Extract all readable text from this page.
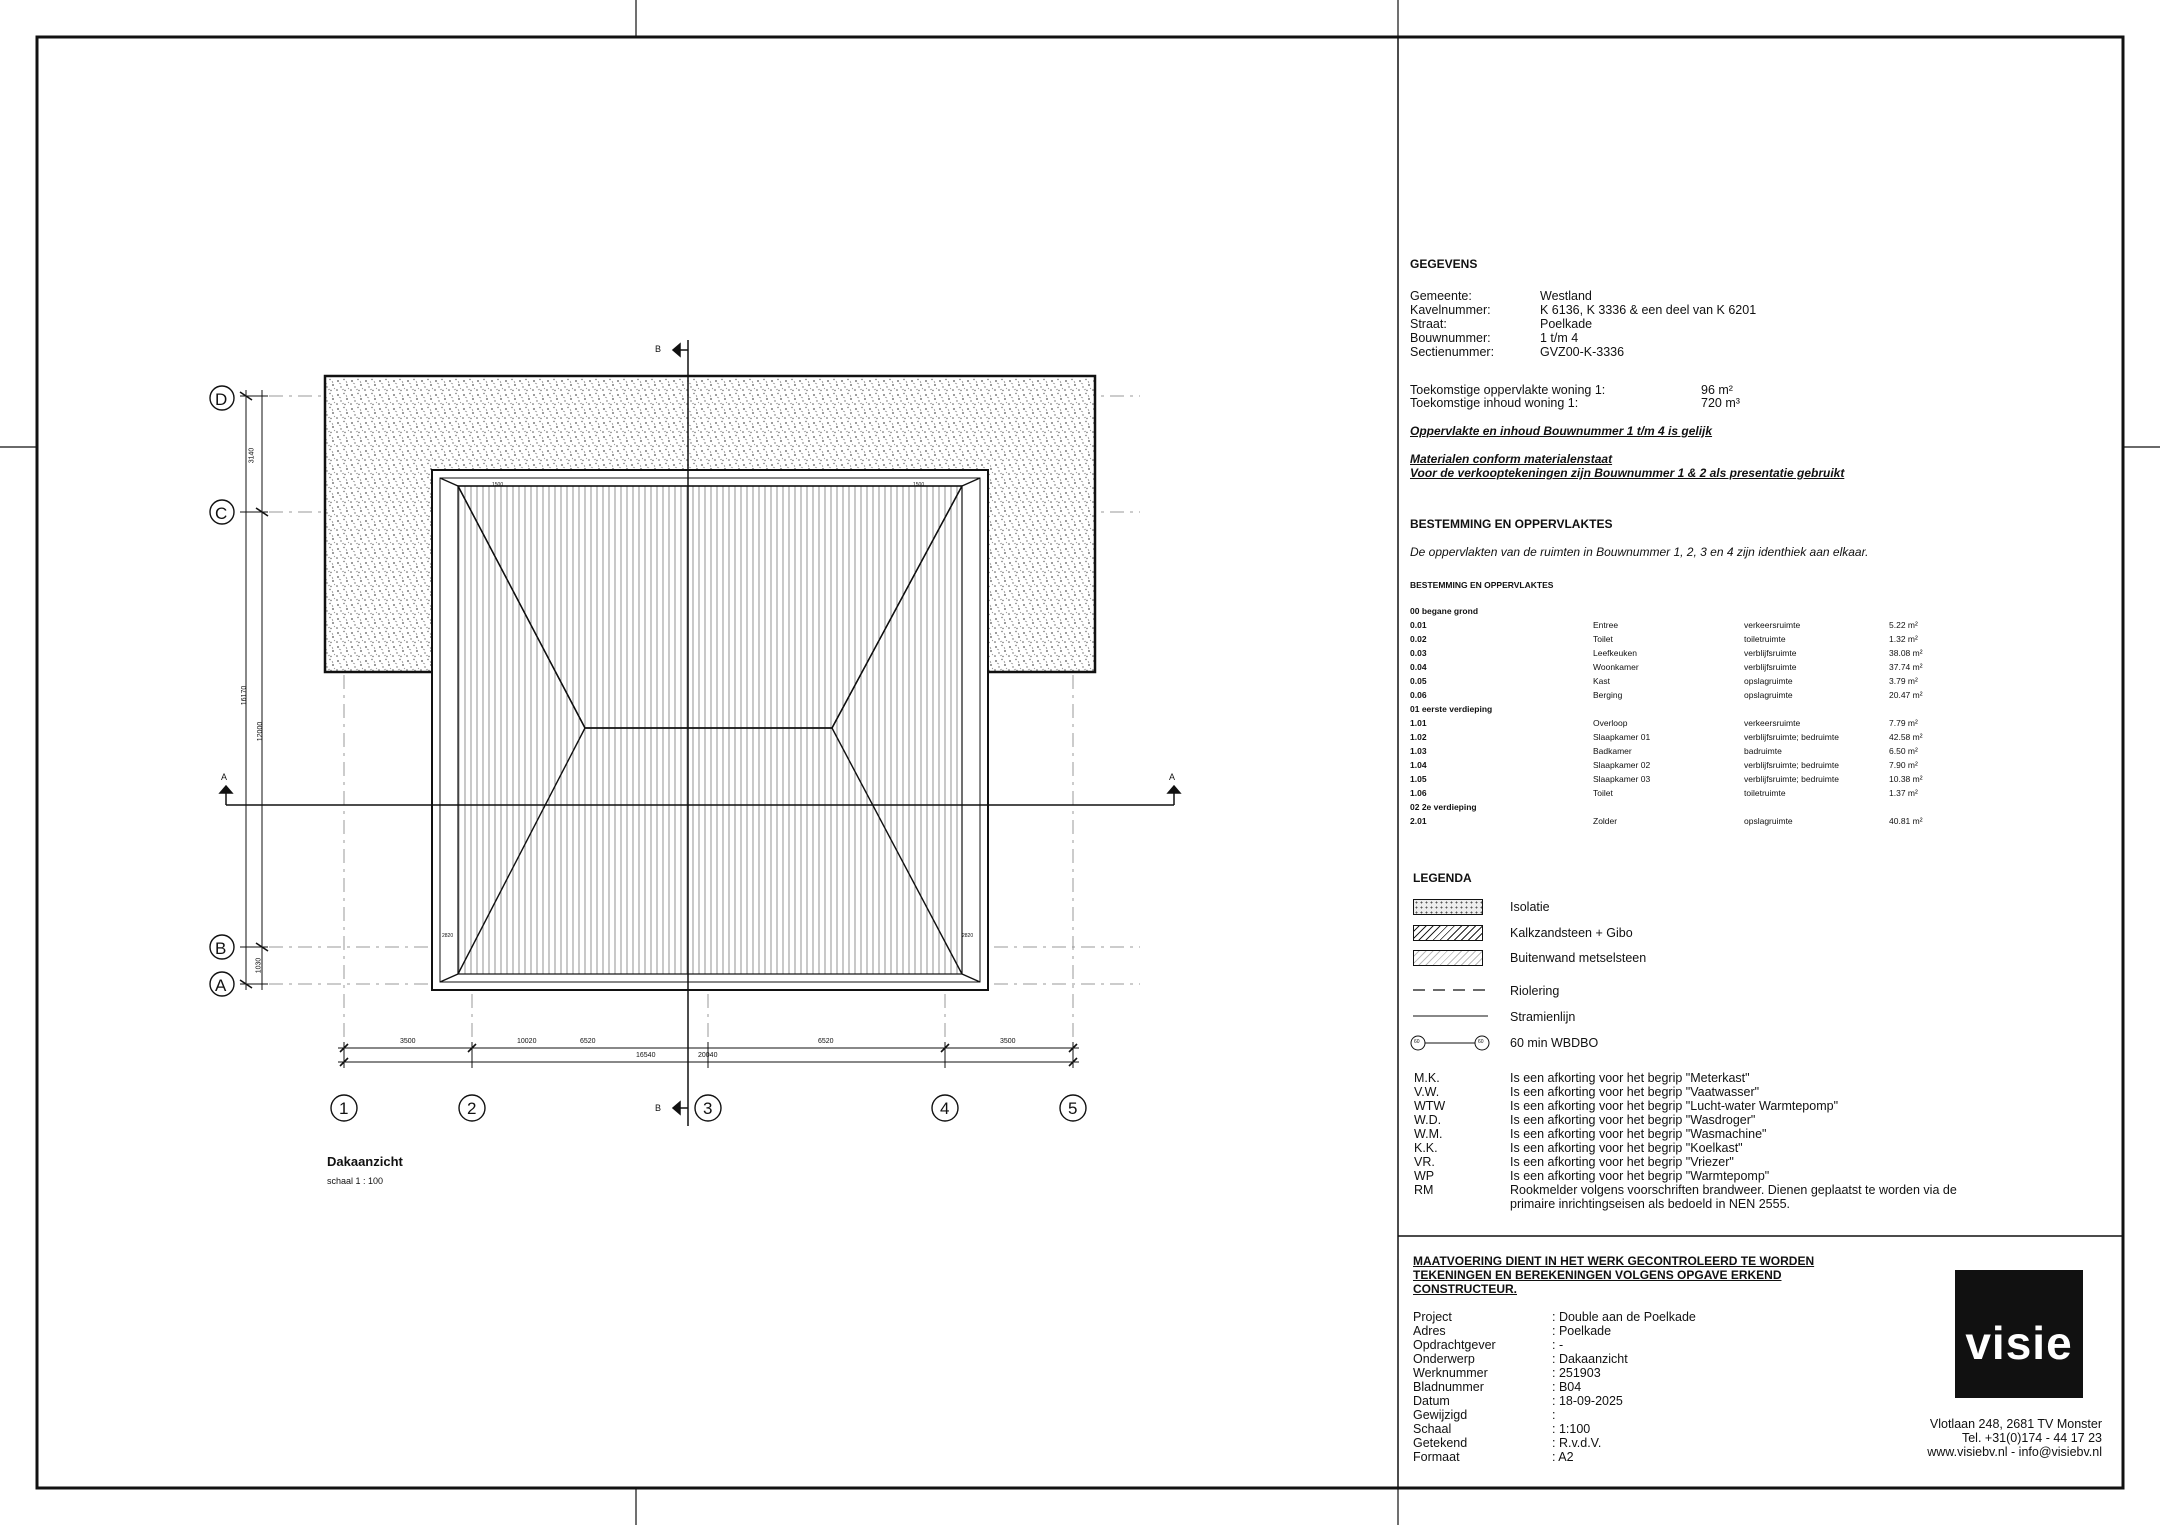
D
C
B
A
1	2	3	4	5
B
B
A	A
3500	10020	6520	6520	3500
16540	20040
3140
16170
12000
1030
1500	1500
2820	2820
Dakaanzicht
schaal 1 : 100
GEGEVENS
Gemeente:	Westland
Kavelnummer:	K 6136, K 3336 & een deel van K 6201
Straat:	Poelkade
Bouwnummer:	1 t/m 4
Sectienummer:	GVZ00-K-3336
Toekomstige oppervlakte woning 1:	96 m²
Toekomstige inhoud woning 1:	720 m³
Oppervlakte en inhoud Bouwnummer 1 t/m 4 is gelijk
Materialen conform materialenstaat
Voor de verkooptekeningen zijn Bouwnummer 1 & 2 als presentatie gebruikt
BESTEMMING EN OPPERVLAKTES
De oppervlakten van de ruimten in Bouwnummer 1, 2, 3 en 4 zijn identhiek aan elkaar.
BESTEMMING EN OPPERVLAKTES
00 begane grond
0.01	Entree	verkeersruimte	5.22 m²
0.02	Toilet	toiletruimte	1.32 m²
0.03	Leefkeuken	verblijfsruimte	38.08 m²
0.04	Woonkamer	verblijfsruimte	37.74 m²
0.05	Kast	opslagruimte	3.79 m²
0.06	Berging	opslagruimte	20.47 m²
01 eerste verdieping
1.01	Overloop	verkeersruimte	7.79 m²
1.02	Slaapkamer 01	verblijfsruimte; bedruimte	42.58 m²
1.03	Badkamer	badruimte	6.50 m²
1.04	Slaapkamer 02	verblijfsruimte; bedruimte	7.90 m²
1.05	Slaapkamer 03	verblijfsruimte; bedruimte	10.38 m²
1.06	Toilet	toiletruimte	1.37 m²
02 2e verdieping
2.01	Zolder	opslagruimte	40.81 m²
LEGENDA
Isolatie
Kalkzandsteen + Gibo
Buitenwand metselsteen
Riolering
Stramienlijn
60	60 60 min WBDBO
M.K.	Is een afkorting voor het begrip "Meterkast"
V.W.	Is een afkorting voor het begrip "Vaatwasser"
WTW	Is een afkorting voor het begrip "Lucht-water Warmtepomp"
W.D.	Is een afkorting voor het begrip "Wasdroger"
W.M.	Is een afkorting voor het begrip "Wasmachine"
K.K.	Is een afkorting voor het begrip "Koelkast"
VR.	Is een afkorting voor het begrip "Vriezer"
WP	Is een afkorting voor het begrip "Warmtepomp"
RM	Rookmelder volgens voorschriften brandweer. Dienen geplaatst te worden via de
primaire inrichtingseisen als bedoeld in NEN 2555.
MAATVOERING DIENT IN HET WERK GECONTROLEERD TE WORDEN
TEKENINGEN EN BEREKENINGEN VOLGENS OPGAVE ERKEND
CONSTRUCTEUR.
Project	: Double aan de Poelkade
Adres	: Poelkade
Opdrachtgever	: -
Onderwerp	: Dakaanzicht
Werknummer	: 251903
Bladnummer	: B04
Datum	: 18-09-2025
Gewijzigd	:
Schaal	: 1:100
Getekend	: R.v.d.V.
Formaat	: A2
visie
Vlotlaan 248, 2681 TV Monster
Tel. +31(0)174 - 44 17 23
www.visiebv.nl - info@visiebv.nl
